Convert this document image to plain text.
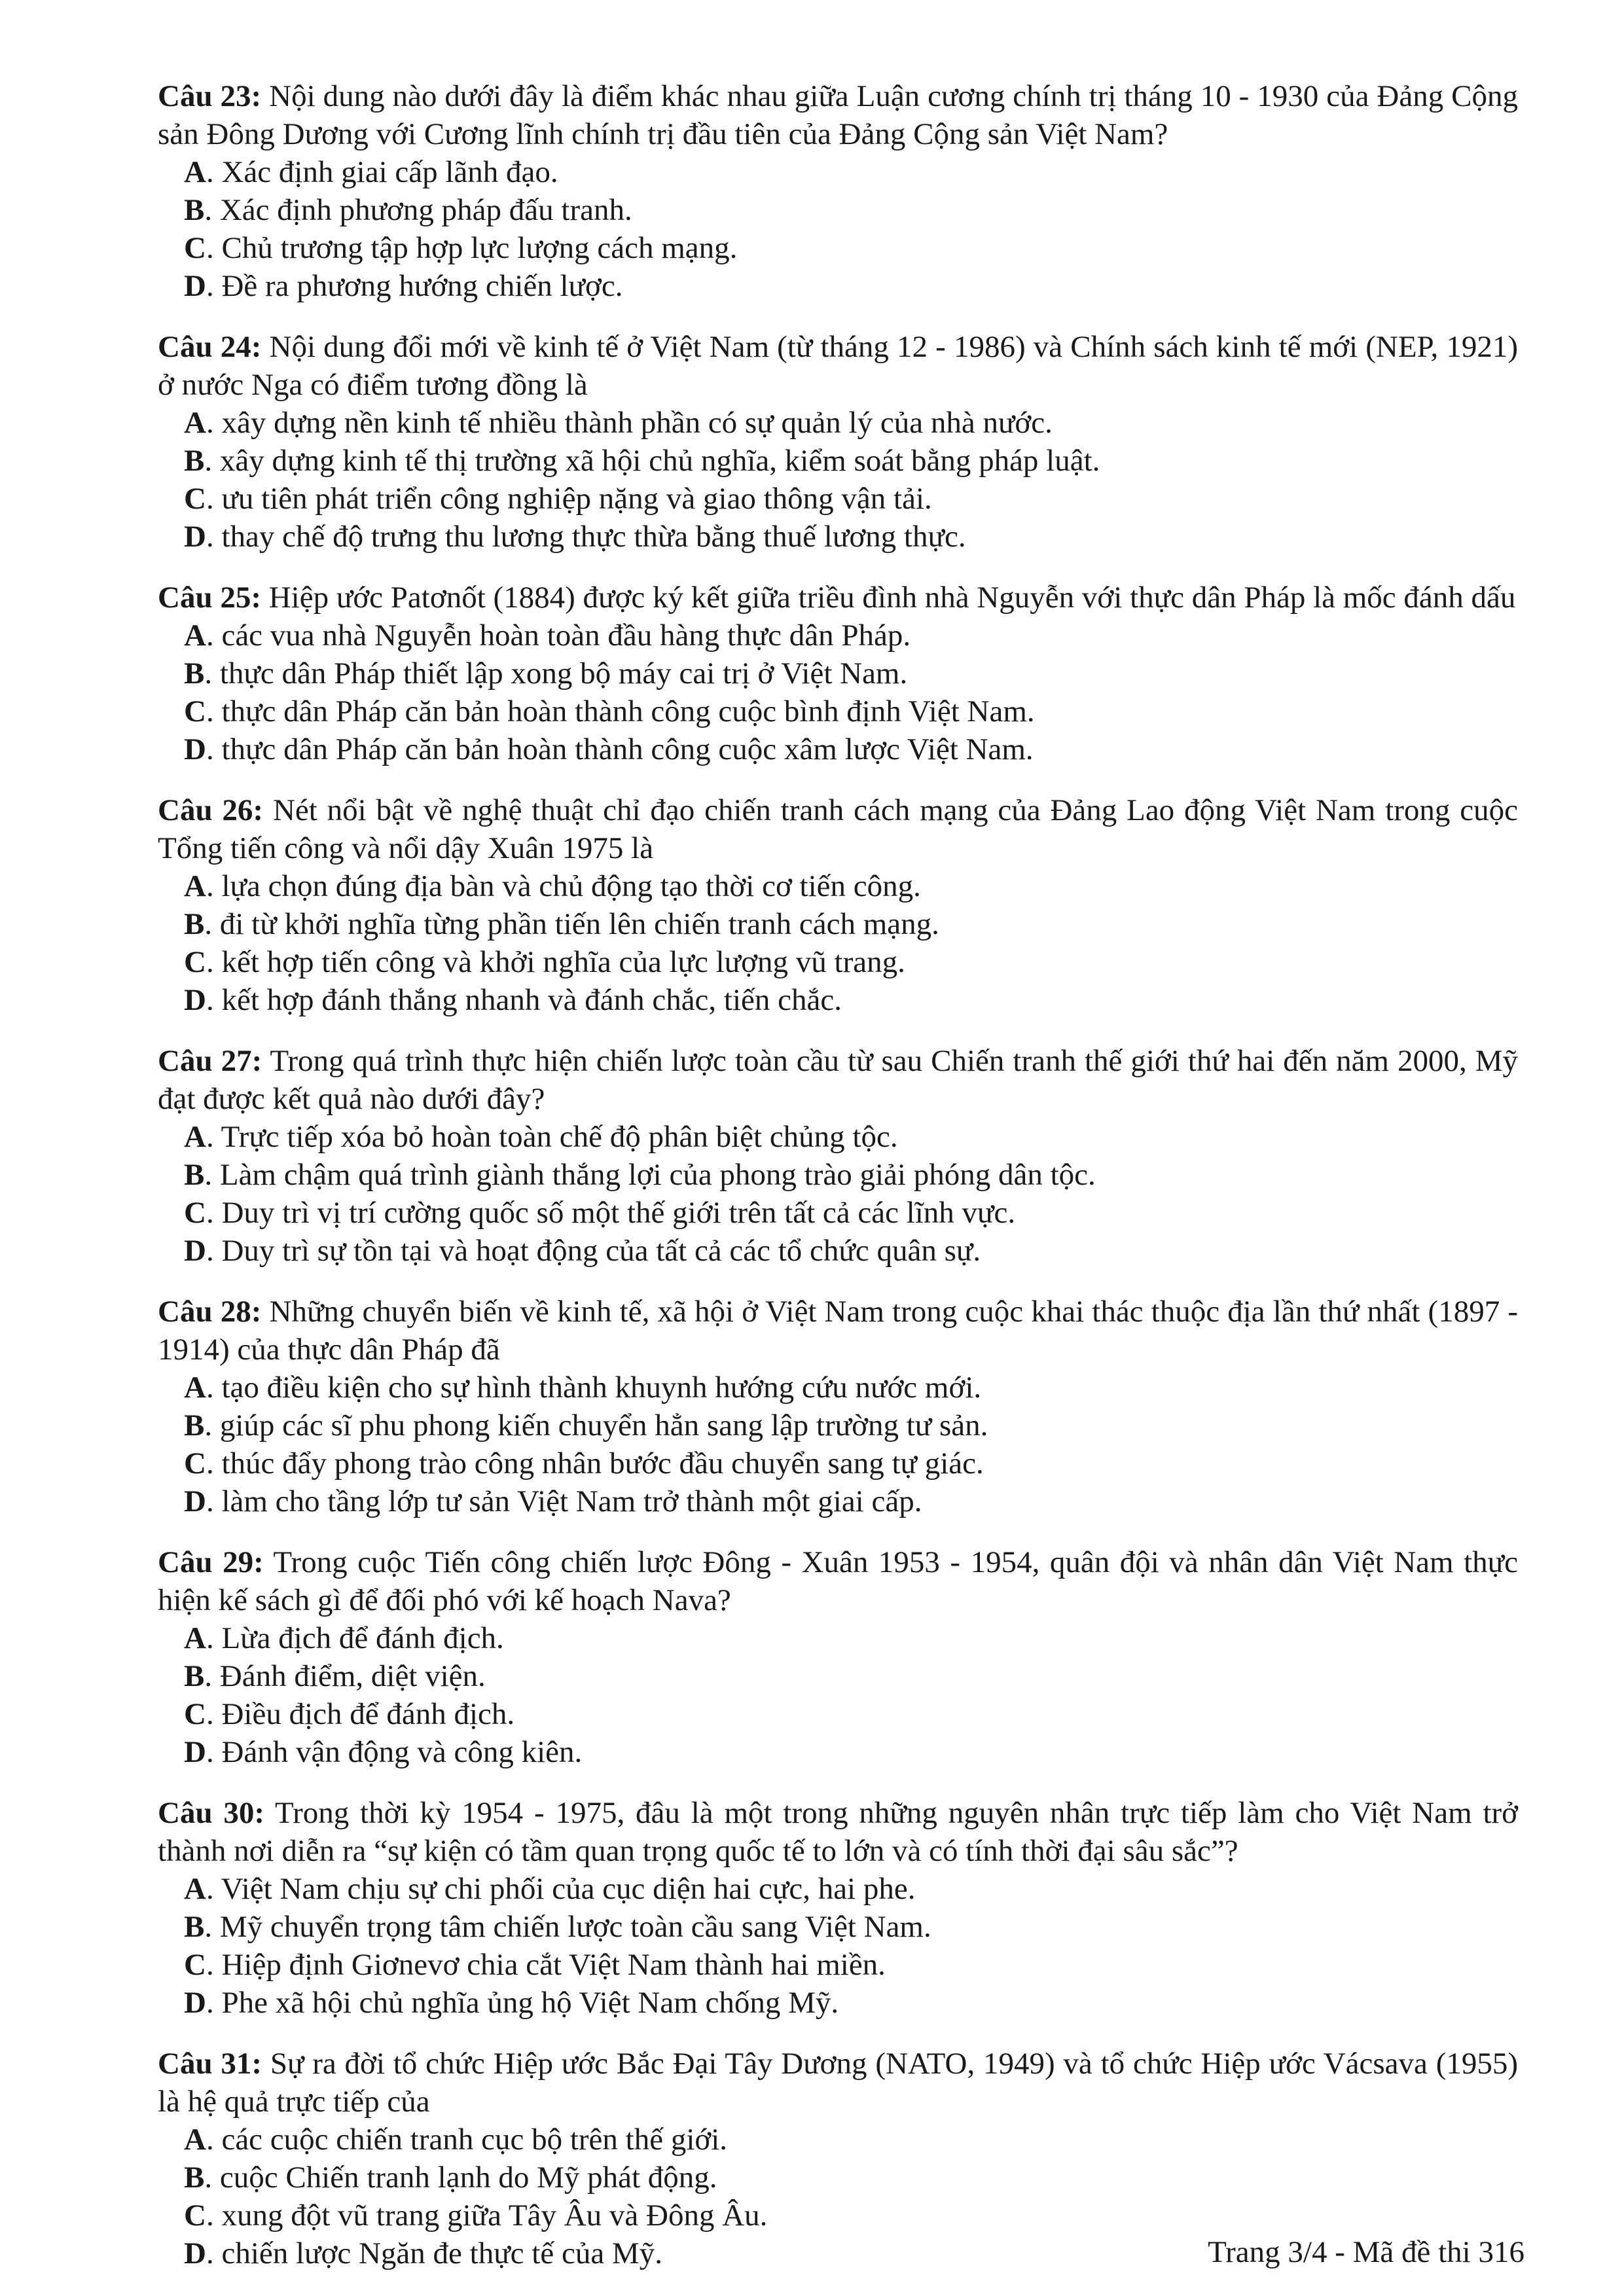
Câu 23: Nội dung nào dưới đây là điểm khác nhau giữa Luận cương chính trị tháng 10 - 1930 của Đảng Cộng sản Đông Dương với Cương lĩnh chính trị đầu tiên của Đảng Cộng sản Việt Nam?
A. Xác định giai cấp lãnh đạo.B. Xác định phương pháp đấu tranh. C. Chủ trương tập hợp lực lượng cách mạng.D. Đề ra phương hướng chiến lược.
Câu 24: Nội dung đổi mới về kinh tế ở Việt Nam (từ tháng 12 - 1986) và Chính sách kinh tế mới (NEP, 1921) ở nước Nga có điểm tương đồng là
A. xây dựng nền kinh tế nhiều thành phần có sự quản lý của nhà nước.
B. xây dựng kinh tế thị trường xã hội chủ nghĩa, kiểm soát bằng pháp luật.
C. ưu tiên phát triển công nghiệp nặng và giao thông vận tải.
D. thay chế độ trưng thu lương thực thừa bằng thuế lương thực.
Câu 25: Hiệp ước Patơnốt (1884) được ký kết giữa triều đình nhà Nguyễn với thực dân Pháp là mốc đánh dấu
A. các vua nhà Nguyễn hoàn toàn đầu hàng thực dân Pháp.
B. thực dân Pháp thiết lập xong bộ máy cai trị ở Việt Nam.
C. thực dân Pháp căn bản hoàn thành công cuộc bình định Việt Nam.
D. thực dân Pháp căn bản hoàn thành công cuộc xâm lược Việt Nam.
Câu 26: Nét nổi bật về nghệ thuật chỉ đạo chiến tranh cách mạng của Đảng Lao động Việt Nam trong cuộc Tổng tiến công và nổi dậy Xuân 1975 là
A. lựa chọn đúng địa bàn và chủ động tạo thời cơ tiến công.
B. đi từ khởi nghĩa từng phần tiến lên chiến tranh cách mạng.
C. kết hợp tiến công và khởi nghĩa của lực lượng vũ trang.
D. kết hợp đánh thắng nhanh và đánh chắc, tiến chắc.
Câu 27: Trong quá trình thực hiện chiến lược toàn cầu từ sau Chiến tranh thế giới thứ hai đến năm 2000, Mỹ đạt được kết quả nào dưới đây?
A. Trực tiếp xóa bỏ hoàn toàn chế độ phân biệt chủng tộc.
B. Làm chậm quá trình giành thắng lợi của phong trào giải phóng dân tộc.
C. Duy trì vị trí cường quốc số một thế giới trên tất cả các lĩnh vực.
D. Duy trì sự tồn tại và hoạt động của tất cả các tổ chức quân sự.
Câu 28: Những chuyển biến về kinh tế, xã hội ở Việt Nam trong cuộc khai thác thuộc địa lần thứ nhất (1897 - 1914) của thực dân Pháp đã
A. tạo điều kiện cho sự hình thành khuynh hướng cứu nước mới.
B. giúp các sĩ phu phong kiến chuyển hẳn sang lập trường tư sản.
C. thúc đẩy phong trào công nhân bước đầu chuyển sang tự giác.
D. làm cho tầng lớp tư sản Việt Nam trở thành một giai cấp.
Câu 29: Trong cuộc Tiến công chiến lược Đông - Xuân 1953 - 1954, quân đội và nhân dân Việt Nam thực hiện kế sách gì để đối phó với kế hoạch Nava?
A. Lừa địch để đánh địch.B. Đánh điểm, diệt viện. C. Điều địch để đánh địch.D. Đánh vận động và công kiên.
Câu 30: Trong thời kỳ 1954 - 1975, đâu là một trong những nguyên nhân trực tiếp làm cho Việt Nam trở thành nơi diễn ra “sự kiện có tầm quan trọng quốc tế to lớn và có tính thời đại sâu sắc”?
A. Việt Nam chịu sự chi phối của cục diện hai cực, hai phe.
B. Mỹ chuyển trọng tâm chiến lược toàn cầu sang Việt Nam.
C. Hiệp định Giơnevơ chia cắt Việt Nam thành hai miền.
D. Phe xã hội chủ nghĩa ủng hộ Việt Nam chống Mỹ.
Câu 31: Sự ra đời tổ chức Hiệp ước Bắc Đại Tây Dương (NATO, 1949) và tổ chức Hiệp ước Vácsava (1955) là hệ quả trực tiếp của
A. các cuộc chiến tranh cục bộ trên thế giới.B. cuộc Chiến tranh lạnh do Mỹ phát động. C. xung đột vũ trang giữa Tây Âu và Đông Âu.D. chiến lược Ngăn đe thực tế của Mỹ.	Trang 3/4 - Mã đề thi 316
